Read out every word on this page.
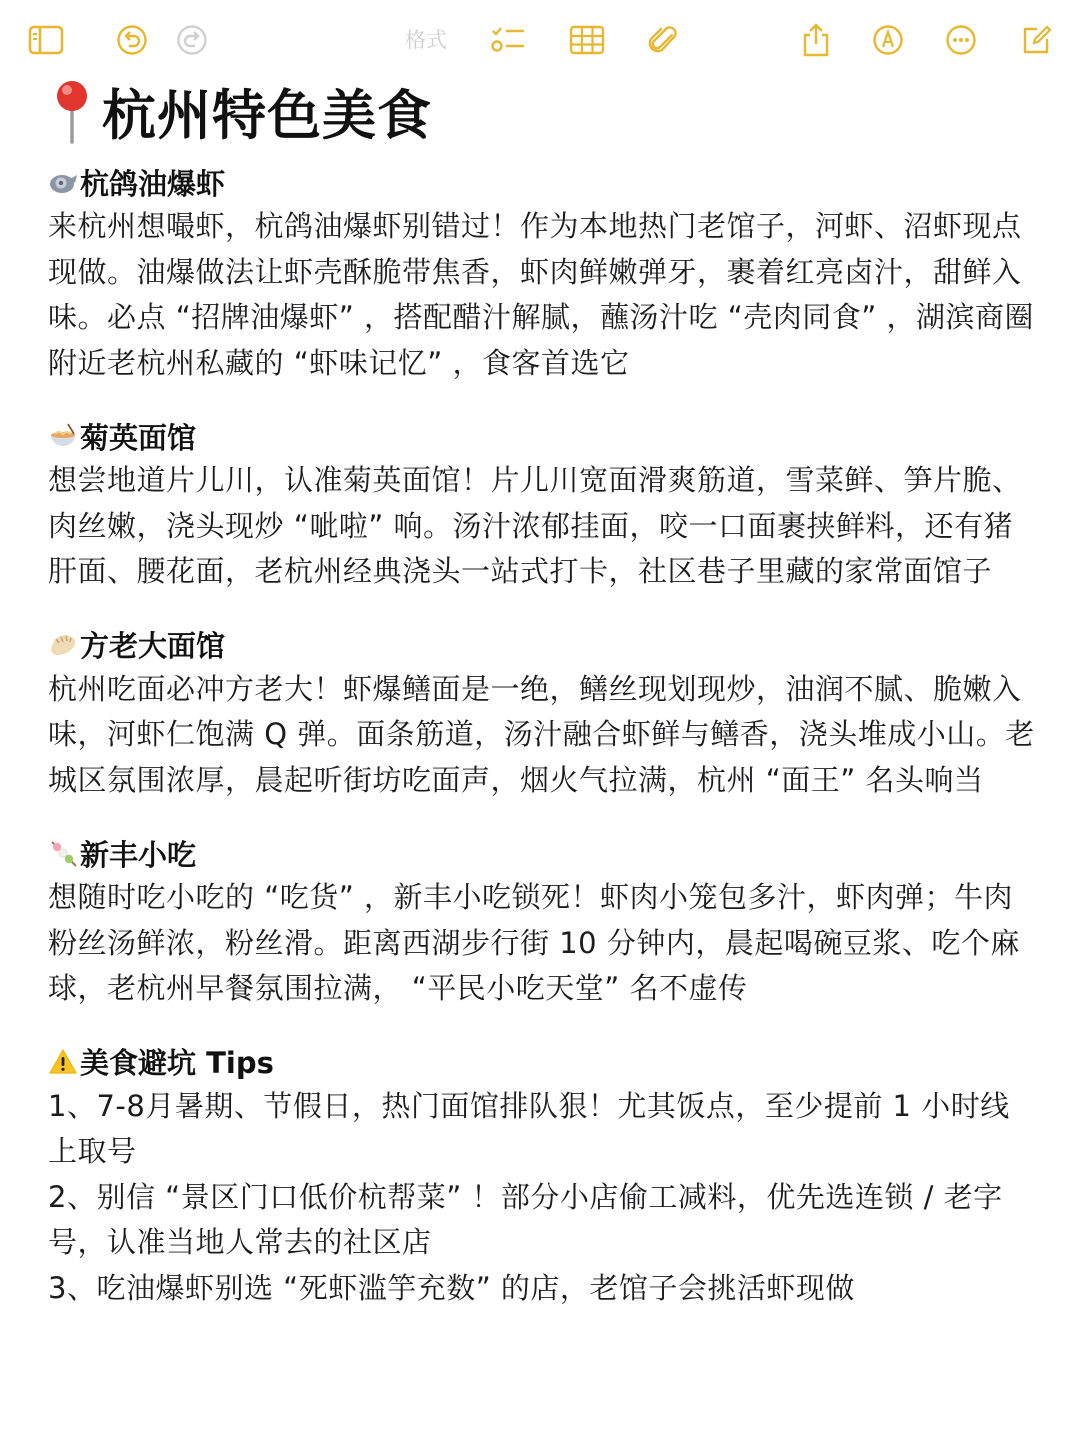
格式
杭州特色美食
杭鸽油爆虾

来杭州想嘬虾，杭鸽油爆虾别错过！作为本地热门老馆子，河虾、沼虾现点现做。油爆做法让虾壳酥脆带焦香，虾肉鲜嫩弹牙，裹着红亮卤汁，甜鲜入味。必点 “招牌油爆虾” ，搭配醋汁解腻，蘸汤汁吃 “壳肉同食” ，湖滨商圈附近老杭州私藏的 “虾味记忆” ，食客首选它

菊英面馆

想尝地道片儿川，认准菊英面馆！片儿川宽面滑爽筋道，雪菜鲜、笋片脆、肉丝嫩，浇头现炒 “呲啦” 响。汤汁浓郁挂面，咬一口面裹挟鲜料，还有猪肝面、腰花面，老杭州经典浇头一站式打卡，社区巷子里藏的家常面馆子

方老大面馆

杭州吃面必冲方老大！虾爆鳝面是一绝，鳝丝现划现炒，油润不腻、脆嫩入味，河虾仁饱满 Q 弹。面条筋道，汤汁融合虾鲜与鳝香，浇头堆成小山。老城区氛围浓厚，晨起听街坊吃面声，烟火气拉满，杭州 “面王” 名头响当

新丰小吃

想随时吃小吃的 “吃货” ，新丰小吃锁死！虾肉小笼包多汁，虾肉弹；牛肉粉丝汤鲜浓，粉丝滑。距离西湖步行街 10 分钟内，晨起喝碗豆浆、吃个麻球，老杭州早餐氛围拉满， “平民小吃天堂” 名不虚传

美食避坑 Tips

1、7-8月暑期、节假日，热门面馆排队狠！尤其饭点，至少提前 1 小时线上取号

2、别信 “景区门口低价杭帮菜” ！部分小店偷工减料，优先选连锁 / 老字号，认准当地人常去的社区店

3、吃油爆虾别选 “死虾滥竽充数” 的店，老馆子会挑活虾现做
